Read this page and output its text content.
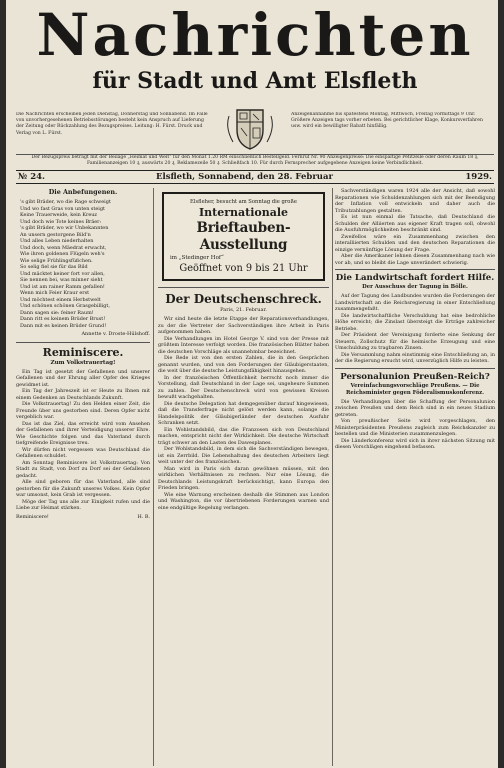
Nachrichten
für Stadt und Amt Elsfleth
Die Nachrichten erscheinen jeden Dienstag, Donnerstag und Sonnabend. Im Falle von unvorhergesehenen Betriebsstörungen besteht kein Anspruch auf Lieferung der Zeitung oder Rückzahlung des Bezugspreises. Leitung: H. Fürst. Druck und Verlag von L. Fürst.
Anzeigenannahme bis spätestens Montag, Mittwoch, Freitag vormittags 9 Uhr. Größere Anzeigen tags vorher erbeten. Bei gerichtlicher Klage, Konkursverfahren usw. wird ein bewilligter Rabatt hinfällig.
Der Bezugspreis beträgt mit der Beilage „Heimat und Welt“ für den Monat 1.20 RM einschließlich Bestellgeld. Fernruf Nr. 90 Anzeigenpreise: Die einspaltige Petitzeile oder deren Raum 18 ₰, Familienanzeigen 10 ₰, auswärts 20 ₰, Reklamezeile 50 ₰. Schließfach 10. Für durch Fernsprecher aufgegebene Anzeigen keine Verbindlichkeit.
№ 24.	Elsfleth, Sonnabend, den 28. Februar	1929.
Die Anbefungenen.
's gibt Bräder, wo die Rage schweigt
Und wo fast Gras von unten steigt
Keine Trauerweide, kein Kreuz
Und doch wie Tote keines Bräer:
's gibt Bräder, wo wir Unbekannten
An unsern gestorgene Bild'n
Und alles Leben niederhalten
Und doch, wenn Mäedrat erwacht,
Wie ihren goldenen Flügeln weh's
Wie selige Frühlingsfüßchen.
So selig fiel sie für das Bild
Und mäcktet keiner fort vor allen,
Sie nennen bei, was minner sieht
Und ist am rainer Ramm gefallen!
Wenn mich Feier Kraur erst
Und möchtest einem Herbstwelt
Und schönen schönen Grasgebilligt,
Dann sagen sie: feiner Raum!
Dann ritt es keinem Brüder Brust!
Dann mit es keinen Brüder Grund!
Annette v. Droste-Hülshoff.
Reminiscere.
Zum Volkstrauertag!

Ein Tag ist gesetzt der Gefallenen und unserer Gefallenen und der Ehrung aller Opfer des Krieges gewidmet ist.

Ein Tag der Jahreszeit ist er Heute zu Ihnen mit einem Gedenken an Deutschlands Zukunft.

Die Volkstrauertag! Zu den Helden einer Zeit, die Freunde über uns gestorben sind. Deren Opfer nicht vergeblich war.

Das ist das Ziel, das erreicht wird vom Ansehen der Gefallenen und ihrer Verteidigung unserer Ehre. Wie Geschichte folgen und das Vaterland durch tiefgreifende Ereignisse treu.

Wir dürfen nicht vergessen was Deutschland die Gefallenen schuldet.

Am Sonntag Reminiscere ist Volkstrauertag: Von Stadt zu Stadt, von Dorf zu Dorf sei der Gefallenen gedacht.

Alle sind geboren für das Vaterland, alle sind gestorben für die Zukunft unseres Volkes. Kein Opfer war umsonst, kein Grab ist vergessen.

Möge der Tag uns alle zur Einigkeit rufen und die Liebe zur Heimat stärken.

Reminiscere!	H. B.
Elsfleher, besucht am Sonntag die große
Internationale
Brieftauben-Ausstellung
im „Stedinger Hof“
Geöffnet von 9 bis 21 Uhr
Der Deutschenschreck.
Paris, 21. Februar.

Wir sind heute die letzte Etappe der Reparationsverhandlungen, zu der die Vertreter der Sachverständigen ihre Arbeit in Paris aufgenommen haben.

Die Verhandlungen im Hotel George V. sind von der Presse mit größtem Interesse verfolgt worden. Die französischen Blätter haben die deutschen Vorschläge als unannehmbar bezeichnet.

Die Rede ist von den ersten Zahlen, die in den Gesprächen genannt wurden, und von den Forderungen der Gläubigerstaaten, die weit über die deutsche Leistungsfähigkeit hinausgehen.

In der französischen Öffentlichkeit herrscht noch immer die Vorstellung, daß Deutschland in der Lage sei, ungeheure Summen zu zahlen. Der Deutschenschreck wird von gewissen Kreisen bewußt wachgehalten.

Die deutsche Delegation hat demgegenüber darauf hingewiesen, daß die Transferfrage nicht gelöst werden kann, solange die Handelspolitik der Gläubigerländer der deutschen Ausfuhr Schranken setzt.

Ein Wohlstandsbild, das die Franzosen sich von Deutschland machen, entspricht nicht der Wirklichkeit. Die deutsche Wirtschaft trägt schwer an den Lasten des Dawesplanes.

Der Wohlstandsbild, in dem sich die Sachverständigen bewegen, ist ein Zerrbild. Die Lebenshaltung des deutschen Arbeiters liegt weit unter der des französischen.

Man wird in Paris sich daran gewöhnen müssen, mit den wirklichen Verhältnissen zu rechnen. Nur eine Lösung, die Deutschlands Leistungskraft berücksichtigt, kann Europa den Frieden bringen.

Wie eine Warnung erscheinen deshalb die Stimmen aus London und Washington, die vor übertriebenen Forderungen warnen und eine endgültige Regelung verlangen.

Sachverständigen waren 1924 alle der Ansicht, daß sowohl Reparationen wie Schuldenzahlungen sich mit der Beendigung der Inflation voll entwickeln und daher auch die Tributzahlungen gestalten.

Es ist nun einmal die Tatsache, daß Deutschland die Schulden der Alliierten aus eigener Kraft tragen soll, obwohl die Ausfuhrmöglichkeiten beschränkt sind.

Zweifellos wäre ein Zusammenhang zwischen den interalliierten Schulden und den deutschen Reparationen die einzige vernünftige Lösung der Frage.

Aber die Amerikaner lehnen diesen Zusammenhang nach wie vor ab, und so bleibt die Lage unverändert schwierig.

Die Landwirtschaft fordert Hilfe.
Der Ausschuss der Tagung in Bölle.

Auf der Tagung des Landbundes wurden die Forderungen der Landwirtschaft an die Reichsregierung in einer Entschließung zusammengefaßt.

Die landwirtschaftliche Verschuldung hat eine bedrohliche Höhe erreicht; die Zinslast übersteigt die Erträge zahlreicher Betriebe.

Der Präsident der Vereinigung forderte eine Senkung der Steuern, Zollschutz für die heimische Erzeugung und eine Umschuldung zu tragbaren Zinsen.

Die Versammlung nahm einstimmig eine Entschließung an, in der die Regierung ersucht wird, unverzüglich Hilfe zu leisten.

Personalunion Preußen-Reich?
Vereinfachungsvorschläge Preußens. — Die Reichsminister gegen Föderalismuskonferenz.

Die Verhandlungen über die Schaffung der Personalunion zwischen Preußen und dem Reich sind in ein neues Stadium getreten.

Von preußischer Seite wird vorgeschlagen, den Ministerpräsidenten Preußens zugleich zum Reichskanzler zu bestellen und die Ministerien zusammenzulegen.

Die Länderkonferenz wird sich in ihrer nächsten Sitzung mit diesen Vorschlägen eingehend befassen.
